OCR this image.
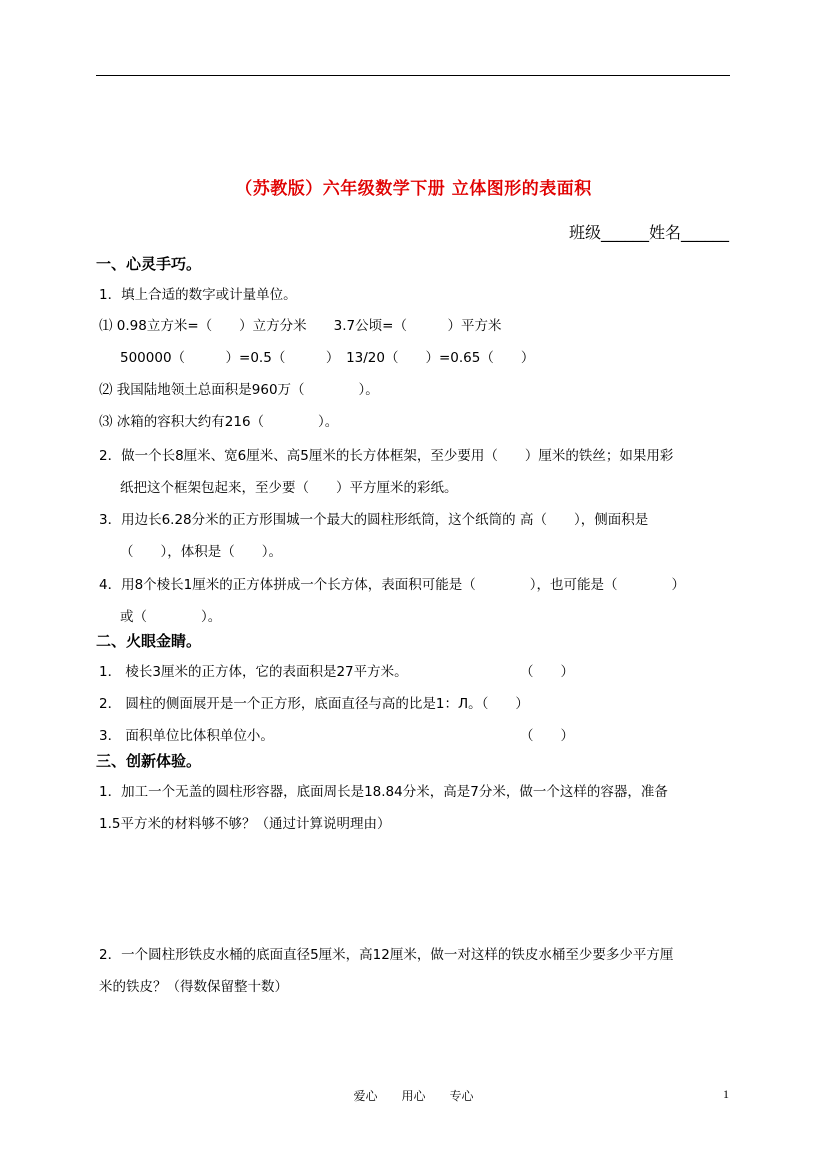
（苏教版）六年级数学下册 立体图形的表面积
班级______姓名______
一、心灵手巧。
1．填上合适的数字或计量单位。
⑴ 0.98立方米=（　　）立方分米　　3.7公顷=（　　　）平方米
500000（　　　）=0.5（　　　）　13/20（　　）=0.65（　　）
⑵ 我国陆地领土总面积是960万（　　　　）。
⑶ 冰箱的容积大约有216（　　　　）。
2．做一个长8厘米、宽6厘米、高5厘米的长方体框架，至少要用（　　）厘米的铁丝；如果用彩
纸把这个框架包起来，至少要（　　）平方厘米的彩纸。
3．用边长6.28分米的正方形围城一个最大的圆柱形纸筒，这个纸筒的 高（　　），侧面积是
（　　），体积是（　　）。
4．用8个棱长1厘米的正方体拼成一个长方体，表面积可能是（　　　　），也可能是（　　　　）
或（　　　　）。
二、火眼金睛。
1． 棱长3厘米的正方体，它的表面积是27平方米。	（　　）
2． 圆柱的侧面展开是一个正方形，底面直径与高的比是1：Л。（　　）
3． 面积单位比体积单位小。	（　　）
三、创新体验。
1．加工一个无盖的圆柱形容器，底面周长是18.84分米，高是7分米，做一个这样的容器，准备
1.5平方米的材料够不够？（通过计算说明理由）
2．一个圆柱形铁皮水桶的底面直径5厘米，高12厘米，做一对这样的铁皮水桶至少要多少平方厘
米的铁皮？（得数保留整十数）
爱心　　用心　　专心	1
